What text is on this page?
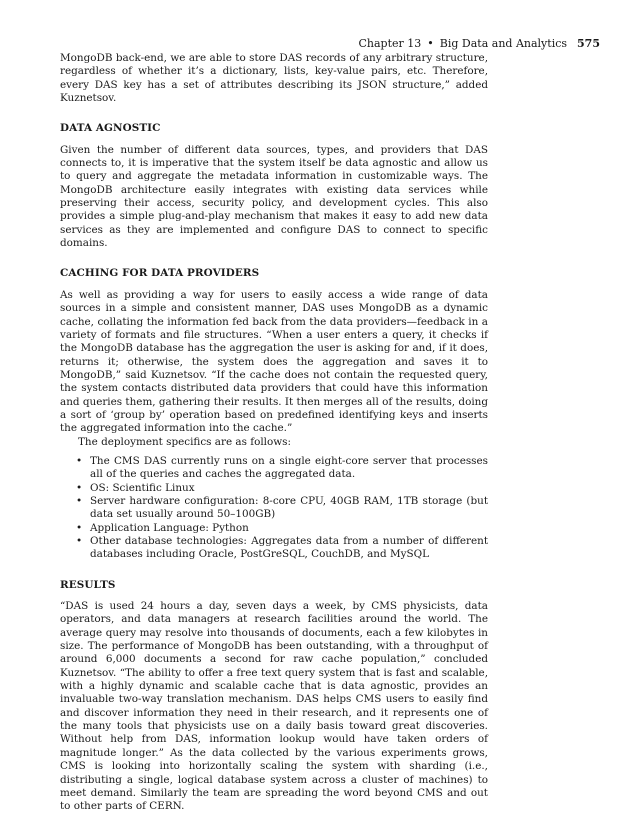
Chapter 13 • Big Data and Analytics 575

MongoDB back-end, we are able to store DAS records of any arbitrary structure, regardless of whether it’s a dictionary, lists, key-value pairs, etc. Therefore, every DAS key has a set of attributes describing its JSON structure,” added Kuznetsov.

DATA AGNOSTIC

Given the number of different data sources, types, and providers that DAS connects to, it is imperative that the system itself be data agnostic and allow us to query and aggregate the metadata information in customizable ways. The MongoDB architecture easily integrates with existing data services while preserving their access, security policy, and development cycles. This also provides a simple plug-and-play mechanism that makes it easy to add new data services as they are implemented and configure DAS to connect to specific domains.

CACHING FOR DATA PROVIDERS

As well as providing a way for users to easily access a wide range of data sources in a simple and consistent manner, DAS uses MongoDB as a dynamic cache, collating the information fed back from the data providers—feedback in a variety of formats and file structures. “When a user enters a query, it checks if the MongoDB database has the aggregation the user is asking for and, if it does, returns it; otherwise, the system does the aggregation and saves it to MongoDB,” said Kuznetsov. “If the cache does not contain the requested query, the system contacts distributed data providers that could have this information and queries them, gathering their results. It then merges all of the results, doing a sort of ‘group by’ operation based on predefined identifying keys and inserts the aggregated information into the cache.”

The deployment specifics are as follows:

• The CMS DAS currently runs on a single eight-core server that processes all of the queries and caches the aggregated data.
• OS: Scientific Linux
• Server hardware configuration: 8-core CPU, 40GB RAM, 1TB storage (but data set usually around 50–100GB)
• Application Language: Python
• Other database technologies: Aggregates data from a number of different databases including Oracle, PostGreSQL, CouchDB, and MySQL
RESULTS

“DAS is used 24 hours a day, seven days a week, by CMS physicists, data operators, and data managers at research facilities around the world. The average query may resolve into thousands of documents, each a few kilobytes in size. The performance of MongoDB has been outstanding, with a throughput of around 6,000 documents a second for raw cache population,” concluded Kuznetsov. “The ability to offer a free text query system that is fast and scalable, with a highly dynamic and scalable cache that is data agnostic, provides an invaluable two-way translation mechanism. DAS helps CMS users to easily find and discover information they need in their research, and it represents one of the many tools that physicists use on a daily basis toward great discoveries. Without help from DAS, information lookup would have taken orders of magnitude longer.” As the data collected by the various experiments grows, CMS is looking into horizontally scaling the system with sharding (i.e., distributing a single, logical database system across a cluster of machines) to meet demand. Similarly the team are spreading the word beyond CMS and out to other parts of CERN.
